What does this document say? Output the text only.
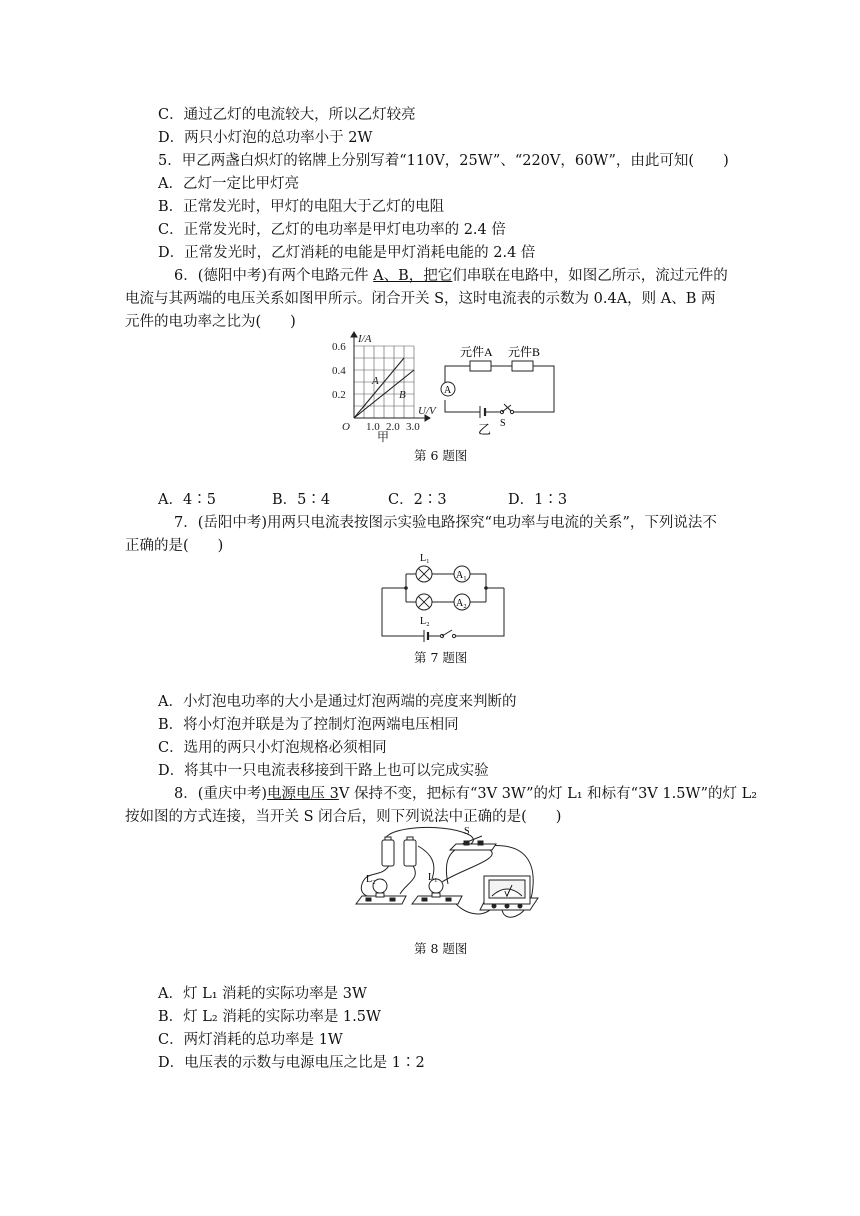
C．通过乙灯的电流较大，所以乙灯较亮
D．两只小灯泡的总功率小于 2W
5．甲乙两盏白炽灯的铭牌上分别写着“110V，25W”、“220V，60W”，由此可知(　　)
A．乙灯一定比甲灯亮
B．正常发光时，甲灯的电阻大于乙灯的电阻
C．正常发光时，乙灯的电功率是甲灯电功率的 2.4 倍
D．正常发光时，乙灯消耗的电能是甲灯消耗电能的 2.4 倍
6．(德阳中考)有两个电路元件 A、B，把它们串联在电路中，如图乙所示，流过元件的
电流与其两端的电压关系如图甲所示。闭合开关 S，这时电流表的示数为 0.4A，则 A、B 两
元件的电功率之比为(　　)
0.6
0.4
0.2
1.0 2.0 3.0
O
I/A
U/V
A
B
元件A 元件B
A
S
乙
甲
第 6 题图
A．4∶5	B．5∶4	C．2∶3	D．1∶3
7．(岳阳中考)用两只电流表按图示实验电路探究“电功率与电流的关系”，下列说法不
正确的是(　　)
A₁
A₂
L₁
L₂
第 7 题图
A．小灯泡电功率的大小是通过灯泡两端的亮度来判断的
B．将小灯泡并联是为了控制灯泡两端电压相同
C．选用的两只小灯泡规格必须相同
D．将其中一只电流表移接到干路上也可以完成实验
8．(重庆中考)电源电压 3V 保持不变，把标有“3V 3W”的灯 L₁ 和标有“3V 1.5W”的灯 L₂
按如图的方式连接，当开关 S 闭合后，则下列说法中正确的是(　　)
S
L₂	L₁
V
第 8 题图
A．灯 L₁ 消耗的实际功率是 3W
B．灯 L₂ 消耗的实际功率是 1.5W
C．两灯消耗的总功率是 1W
D．电压表的示数与电源电压之比是 1∶2
